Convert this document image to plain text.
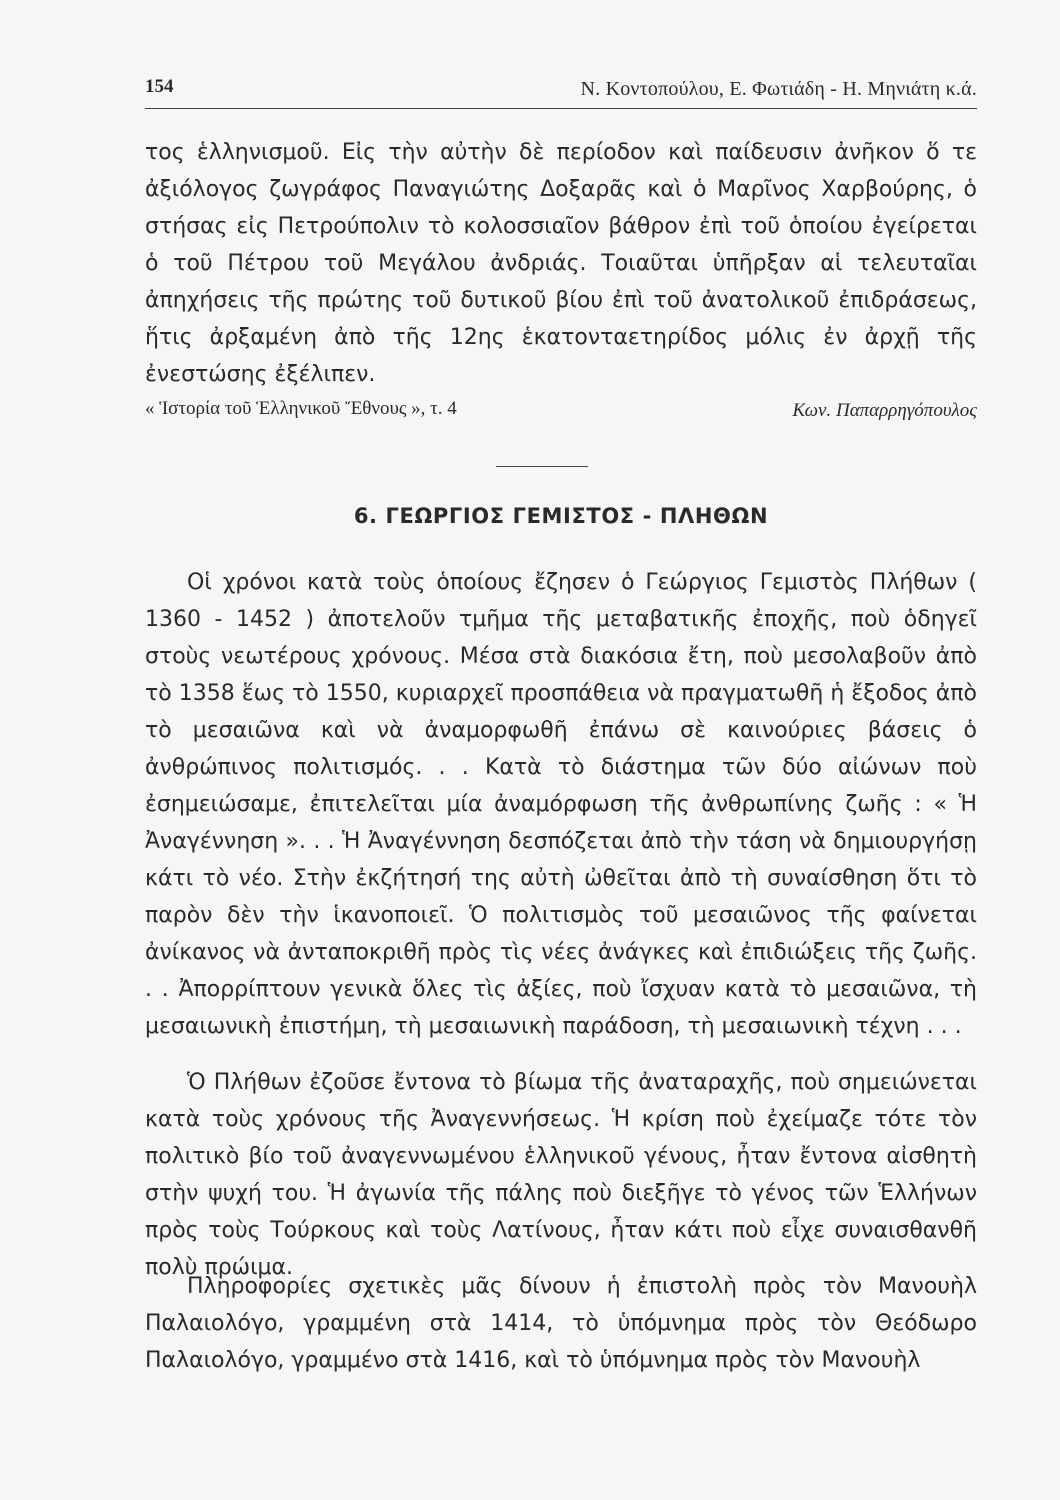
154	Ν. Κοντοπούλου, Ε. Φωτιάδη - Η. Μηνιάτη κ.ά.

τος ἑλληνισμοῦ. Εἰς τὴν αὐτὴν δὲ περίοδον καὶ παίδευσιν ἀνῆκον ὅ τε ἀξιόλογος ζωγράφος Παναγιώτης Δοξαρᾶς καὶ ὁ Μαρῖνος Χαρβούρης, ὁ στήσας εἰς Πετρούπολιν τὸ κολοσσιαῖον βάθρον ἐπὶ τοῦ ὁποίου ἐγείρεται ὁ τοῦ Πέτρου τοῦ Μεγάλου ἀνδριάς. Τοιαῦται ὑπῆρξαν αἱ τελευταῖαι ἀπηχήσεις τῆς πρώτης τοῦ δυτικοῦ βίου ἐπὶ τοῦ ἀνατολικοῦ ἐπιδράσεως, ἥτις ἀρξαμένη ἀπὸ τῆς 12ης ἑκατονταετηρίδος μόλις ἐν ἀρχῇ τῆς ἐνεστώσης ἐξέλιπεν.

« Ἱστορία τοῦ Ἑλληνικοῦ Ἔθνους », τ. 4	Κων. Παπαρρηγόπουλος
6. ΓΕΩΡΓΙΟΣ ΓΕΜΙΣΤΟΣ - ΠΛΗΘΩΝ

Οἱ χρόνοι κατὰ τοὺς ὁποίους ἔζησεν ὁ Γεώργιος Γεμιστὸς Πλήθων ( 1360 - 1452 ) ἀποτελοῦν τμῆμα τῆς μεταβατικῆς ἐποχῆς, ποὺ ὁδηγεῖ στοὺς νεωτέρους χρόνους. Μέσα στὰ διακόσια ἔτη, ποὺ μεσολαβοῦν ἀπὸ τὸ 1358 ἕως τὸ 1550, κυριαρχεῖ προσπάθεια νὰ πραγματωθῆ ἡ ἔξοδος ἀπὸ τὸ μεσαιῶνα καὶ νὰ ἀναμορφωθῆ ἐπάνω σὲ καινούριες βάσεις ὁ ἀνθρώπινος πολιτισμός. . . Κατὰ τὸ διάστημα τῶν δύο αἰώνων ποὺ ἐσημειώσαμε, ἐπιτελεῖται μία ἀναμόρφωση τῆς ἀνθρωπίνης ζωῆς : « Ἡ Ἀναγέννηση ». . . Ἡ Ἀναγέννηση δεσπόζεται ἀπὸ τὴν τάση νὰ δημιουργήσῃ κάτι τὸ νέο. Στὴν ἐκζήτησή της αὐτὴ ὠθεῖται ἀπὸ τὴ συναίσθηση ὅτι τὸ παρὸν δὲν τὴν ἱκανοποιεῖ. Ὁ πολιτισμὸς τοῦ μεσαιῶνος τῆς φαίνεται ἀνίκανος νὰ ἀνταποκριθῆ πρὸς τὶς νέες ἀνάγκες καὶ ἐπιδιώξεις τῆς ζωῆς. . . Ἀπορρίπτουν γενικὰ ὅλες τὶς ἀξίες, ποὺ ἴσχυαν κατὰ τὸ μεσαιῶνα, τὴ μεσαιωνικὴ ἐπιστήμη, τὴ μεσαιωνικὴ παράδοση, τὴ μεσαιωνικὴ τέχνη . . .

Ὁ Πλήθων ἐζοῦσε ἔντονα τὸ βίωμα τῆς ἀναταραχῆς, ποὺ σημειώνεται κατὰ τοὺς χρόνους τῆς Ἀναγεννήσεως. Ἡ κρίση ποὺ ἐχείμαζε τότε τὸν πολιτικὸ βίο τοῦ ἀναγεννωμένου ἑλληνικοῦ γένους, ἦταν ἔντονα αἰσθητὴ στὴν ψυχή του. Ἡ ἀγωνία τῆς πάλης ποὺ διεξῆγε τὸ γένος τῶν Ἑλλήνων πρὸς τοὺς Τούρκους καὶ τοὺς Λατίνους, ἦταν κάτι ποὺ εἶχε συναισθανθῆ πολὺ πρώιμα.

Πληροφορίες σχετικὲς μᾶς δίνουν ἡ ἐπιστολὴ πρὸς τὸν Μανουὴλ Παλαιολόγο, γραμμένη στὰ 1414, τὸ ὑπόμνημα πρὸς τὸν Θεόδωρο Παλαιολόγο, γραμμένο στὰ 1416, καὶ τὸ ὑπόμνημα πρὸς τὸν Μανουὴλ
